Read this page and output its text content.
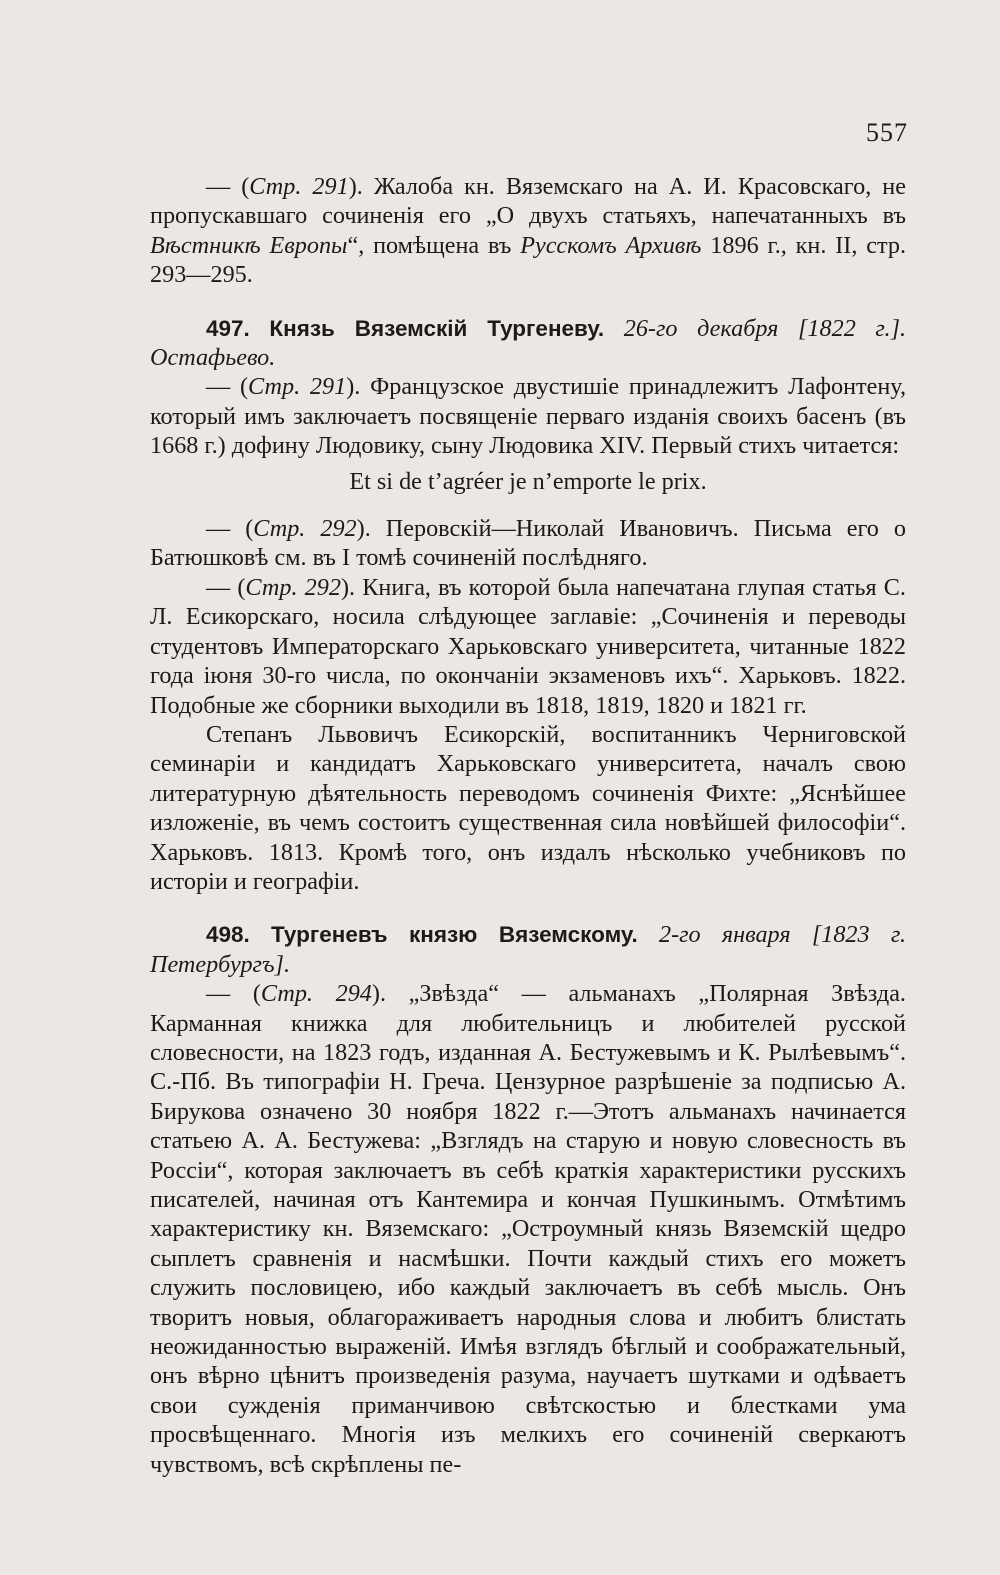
557

— (Стр. 291). Жалоба кн. Вяземскаго на А. И. Красовскаго, не пропускавшаго сочиненія его „О двухъ статьяхъ, напечатанныхъ въ Вѣстникѣ Европы“, помѣщена въ Русскомъ Архивѣ 1896 г., кн. II, стр. 293—295.

497. Князь Вяземскій Тургеневу. 26-го декабря [1822 г.]. Остафьево.

— (Стр. 291). Французское двустишіе принадлежитъ Лафонтену, который имъ заключаетъ посвященіе перваго изданія своихъ басенъ (въ 1668 г.) дофину Людовику, сыну Людовика XIV. Первый стихъ читается:

Et si de t’agréer je n’emporte le prix.

— (Стр. 292). Перовскій—Николай Ивановичъ. Письма его о Батюшковѣ см. въ I томѣ сочиненій послѣдняго.

— (Стр. 292). Книга, въ которой была напечатана глупая статья С. Л. Есикорскаго, носила слѣдующее заглавіе: „Сочиненія и переводы студентовъ Императорскаго Харьковскаго университета, читанные 1822 года іюня 30-го числа, по окончаніи экзаменовъ ихъ“. Харьковъ. 1822. Подобные же сборники выходили въ 1818, 1819, 1820 и 1821 гг.

Степанъ Львовичъ Есикорскій, воспитанникъ Черниговской семинаріи и кандидатъ Харьковскаго университета, началъ свою литературную дѣятельность переводомъ сочиненія Фихте: „Яснѣйшее изложеніе, въ чемъ состоитъ существенная сила новѣйшей философіи“. Харьковъ. 1813. Кромѣ того, онъ издалъ нѣсколько учебниковъ по исторіи и географіи.

498. Тургеневъ князю Вяземскому. 2-го января [1823 г. Петербургъ].

— (Стр. 294). „Звѣзда“ — альманахъ „Полярная Звѣзда. Карманная книжка для любительницъ и любителей русской словесности, на 1823 годъ, изданная А. Бестужевымъ и К. Рылѣевымъ“. С.-Пб. Въ типографіи Н. Греча. Цензурное разрѣшеніе за подписью А. Бирукова означено 30 ноября 1822 г.—Этотъ альманахъ начинается статьею А. А. Бестужева: „Взглядъ на старую и новую словесность въ Россіи“, которая заключаетъ въ себѣ краткія характеристики русскихъ писателей, начиная отъ Кантемира и кончая Пушкинымъ. Отмѣтимъ характеристику кн. Вяземскаго: „Остроумный князь Вяземскій щедро сыплетъ сравненія и насмѣшки. Почти каждый стихъ его можетъ служить пословицею, ибо каждый заключаетъ въ себѣ мысль. Онъ творитъ новыя, облагораживаетъ народныя слова и любитъ блистать неожиданностью выраженій. Имѣя взглядъ бѣглый и соображательный, онъ вѣрно цѣнитъ произведенія разума, научаетъ шутками и одѣваетъ свои сужденія приманчивою свѣтскостью и блестками ума просвѣщеннаго. Многія изъ мелкихъ его сочиненій сверкаютъ чувствомъ, всѣ скрѣплены пе-
